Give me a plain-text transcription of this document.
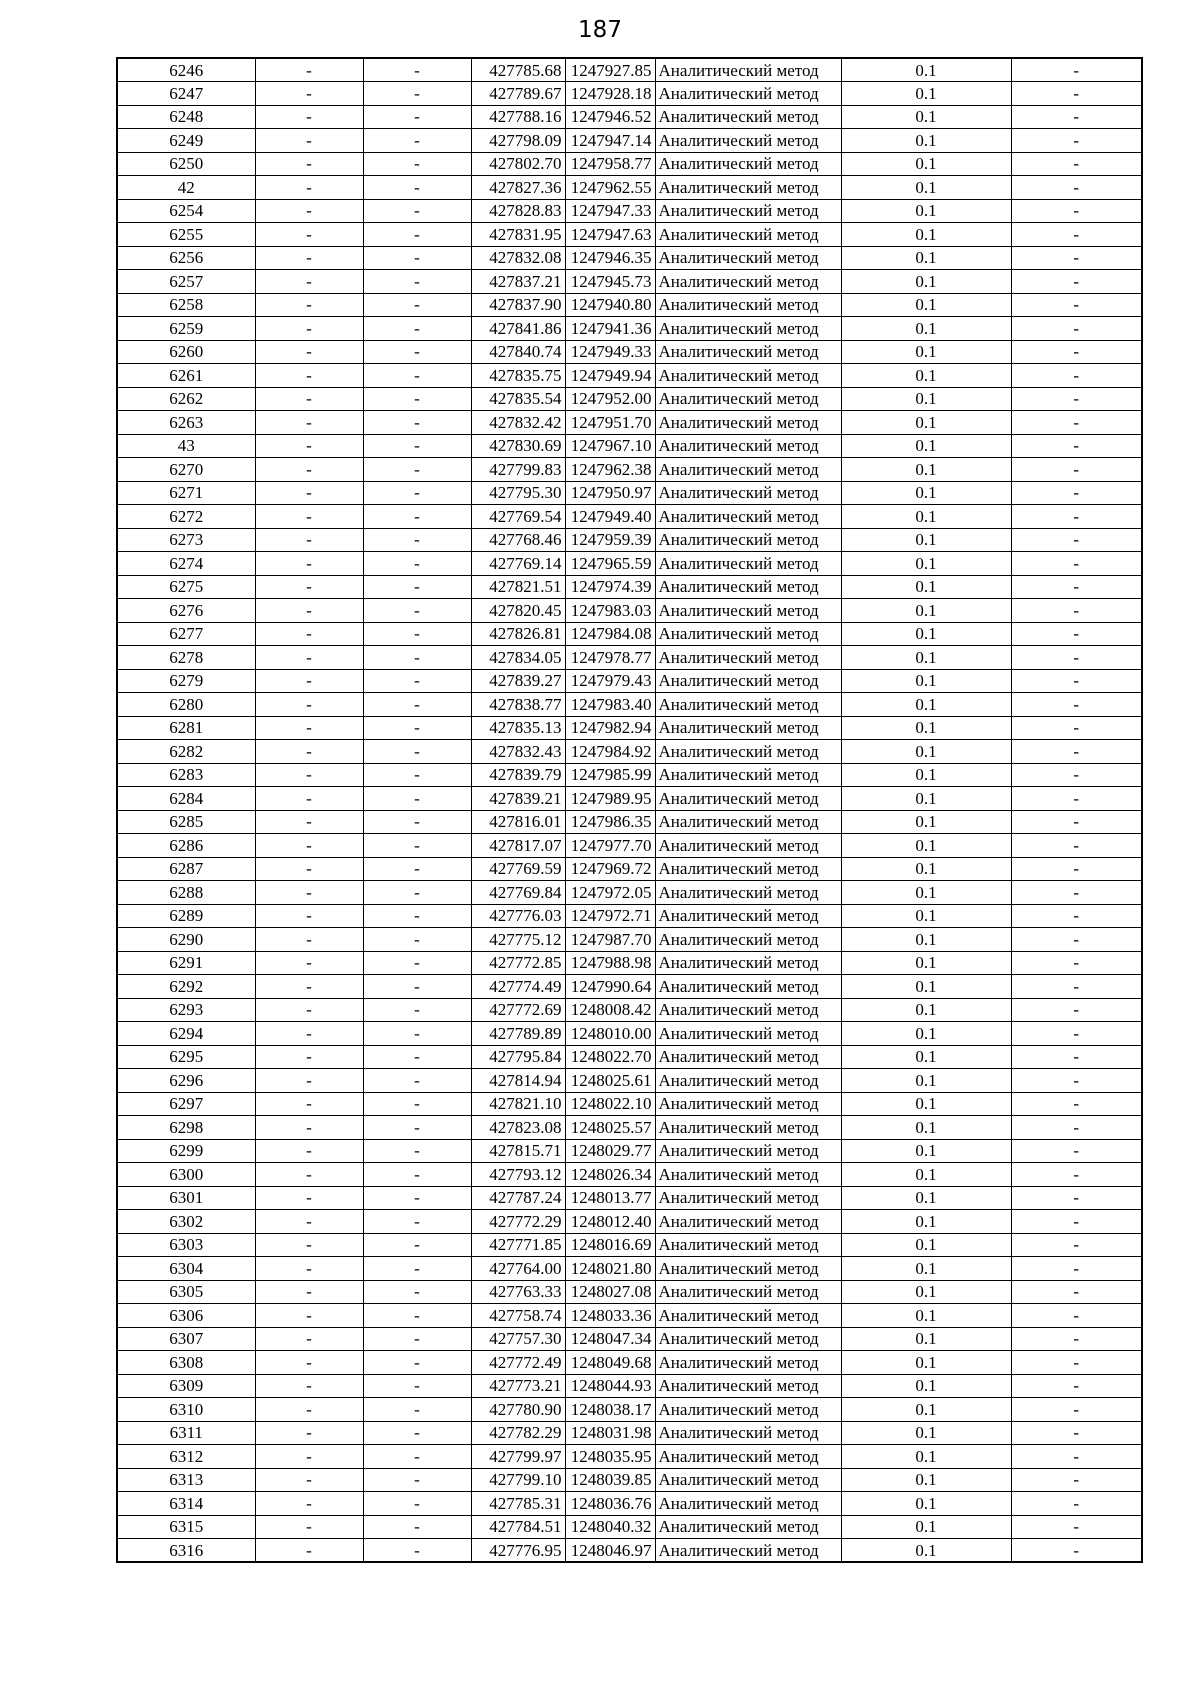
187
6246	-	-	427785.68	1247927.85	Аналитический метод	0.1	-
6247	-	-	427789.67	1247928.18	Аналитический метод	0.1	-
6248	-	-	427788.16	1247946.52	Аналитический метод	0.1	-
6249	-	-	427798.09	1247947.14	Аналитический метод	0.1	-
6250	-	-	427802.70	1247958.77	Аналитический метод	0.1	-
42	-	-	427827.36	1247962.55	Аналитический метод	0.1	-
6254	-	-	427828.83	1247947.33	Аналитический метод	0.1	-
6255	-	-	427831.95	1247947.63	Аналитический метод	0.1	-
6256	-	-	427832.08	1247946.35	Аналитический метод	0.1	-
6257	-	-	427837.21	1247945.73	Аналитический метод	0.1	-
6258	-	-	427837.90	1247940.80	Аналитический метод	0.1	-
6259	-	-	427841.86	1247941.36	Аналитический метод	0.1	-
6260	-	-	427840.74	1247949.33	Аналитический метод	0.1	-
6261	-	-	427835.75	1247949.94	Аналитический метод	0.1	-
6262	-	-	427835.54	1247952.00	Аналитический метод	0.1	-
6263	-	-	427832.42	1247951.70	Аналитический метод	0.1	-
43	-	-	427830.69	1247967.10	Аналитический метод	0.1	-
6270	-	-	427799.83	1247962.38	Аналитический метод	0.1	-
6271	-	-	427795.30	1247950.97	Аналитический метод	0.1	-
6272	-	-	427769.54	1247949.40	Аналитический метод	0.1	-
6273	-	-	427768.46	1247959.39	Аналитический метод	0.1	-
6274	-	-	427769.14	1247965.59	Аналитический метод	0.1	-
6275	-	-	427821.51	1247974.39	Аналитический метод	0.1	-
6276	-	-	427820.45	1247983.03	Аналитический метод	0.1	-
6277	-	-	427826.81	1247984.08	Аналитический метод	0.1	-
6278	-	-	427834.05	1247978.77	Аналитический метод	0.1	-
6279	-	-	427839.27	1247979.43	Аналитический метод	0.1	-
6280	-	-	427838.77	1247983.40	Аналитический метод	0.1	-
6281	-	-	427835.13	1247982.94	Аналитический метод	0.1	-
6282	-	-	427832.43	1247984.92	Аналитический метод	0.1	-
6283	-	-	427839.79	1247985.99	Аналитический метод	0.1	-
6284	-	-	427839.21	1247989.95	Аналитический метод	0.1	-
6285	-	-	427816.01	1247986.35	Аналитический метод	0.1	-
6286	-	-	427817.07	1247977.70	Аналитический метод	0.1	-
6287	-	-	427769.59	1247969.72	Аналитический метод	0.1	-
6288	-	-	427769.84	1247972.05	Аналитический метод	0.1	-
6289	-	-	427776.03	1247972.71	Аналитический метод	0.1	-
6290	-	-	427775.12	1247987.70	Аналитический метод	0.1	-
6291	-	-	427772.85	1247988.98	Аналитический метод	0.1	-
6292	-	-	427774.49	1247990.64	Аналитический метод	0.1	-
6293	-	-	427772.69	1248008.42	Аналитический метод	0.1	-
6294	-	-	427789.89	1248010.00	Аналитический метод	0.1	-
6295	-	-	427795.84	1248022.70	Аналитический метод	0.1	-
6296	-	-	427814.94	1248025.61	Аналитический метод	0.1	-
6297	-	-	427821.10	1248022.10	Аналитический метод	0.1	-
6298	-	-	427823.08	1248025.57	Аналитический метод	0.1	-
6299	-	-	427815.71	1248029.77	Аналитический метод	0.1	-
6300	-	-	427793.12	1248026.34	Аналитический метод	0.1	-
6301	-	-	427787.24	1248013.77	Аналитический метод	0.1	-
6302	-	-	427772.29	1248012.40	Аналитический метод	0.1	-
6303	-	-	427771.85	1248016.69	Аналитический метод	0.1	-
6304	-	-	427764.00	1248021.80	Аналитический метод	0.1	-
6305	-	-	427763.33	1248027.08	Аналитический метод	0.1	-
6306	-	-	427758.74	1248033.36	Аналитический метод	0.1	-
6307	-	-	427757.30	1248047.34	Аналитический метод	0.1	-
6308	-	-	427772.49	1248049.68	Аналитический метод	0.1	-
6309	-	-	427773.21	1248044.93	Аналитический метод	0.1	-
6310	-	-	427780.90	1248038.17	Аналитический метод	0.1	-
6311	-	-	427782.29	1248031.98	Аналитический метод	0.1	-
6312	-	-	427799.97	1248035.95	Аналитический метод	0.1	-
6313	-	-	427799.10	1248039.85	Аналитический метод	0.1	-
6314	-	-	427785.31	1248036.76	Аналитический метод	0.1	-
6315	-	-	427784.51	1248040.32	Аналитический метод	0.1	-
6316	-	-	427776.95	1248046.97	Аналитический метод	0.1	-
